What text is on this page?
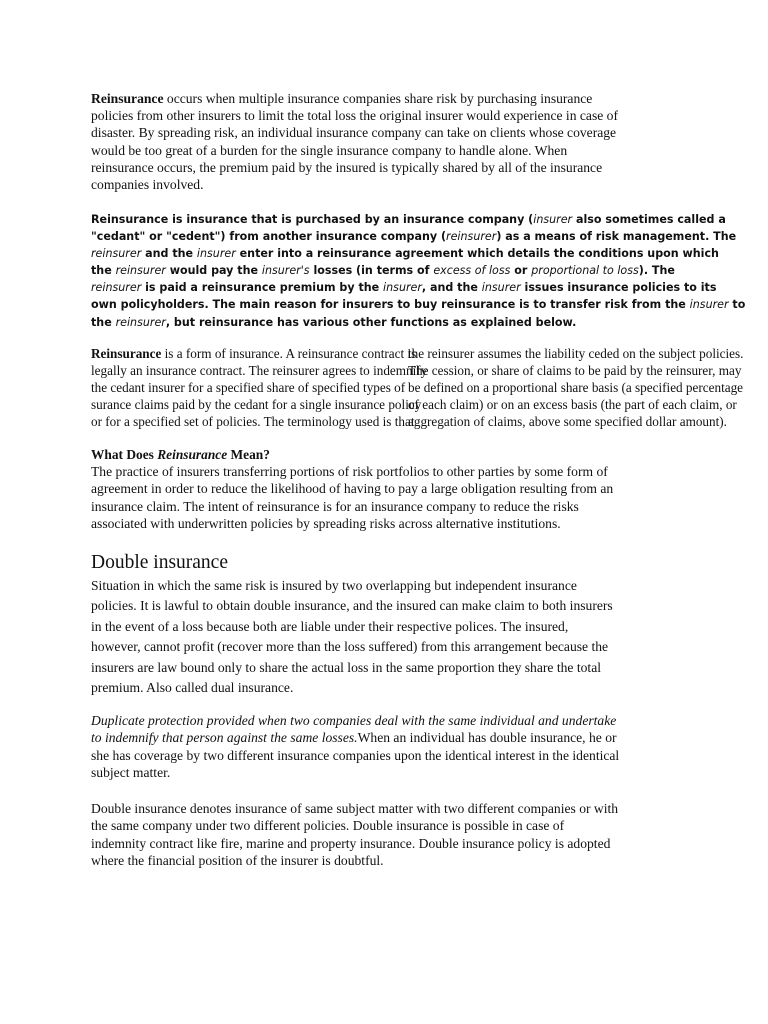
Reinsurance occurs when multiple insurance companies share risk by purchasing insurance
policies from other insurers to limit the total loss the original insurer would experience in case of
disaster. By spreading risk, an individual insurance company can take on clients whose coverage
would be too great of a burden for the single insurance company to handle alone. When
reinsurance occurs, the premium paid by the insured is typically shared by all of the insurance
companies involved.
Reinsurance is insurance that is purchased by an insurance company (insurer also sometimes called a
"cedant" or "cedent") from another insurance company (reinsurer) as a means of risk management. The
reinsurer and the insurer enter into a reinsurance agreement which details the conditions upon which
the reinsurer would pay the insurer's losses (in terms of excess of loss or proportional to loss). The
reinsurer is paid a reinsurance premium by the insurer, and the insurer issues insurance policies to its
own policyholders. The main reason for insurers to buy reinsurance is to transfer risk from the insurer to
the reinsurer, but reinsurance has various other functions as explained below.
Reinsurance is a form of insurance. A reinsurance contract is
legally an insurance contract. The reinsurer agrees to indemnify
the cedant insurer for a specified share of specified types of
surance claims paid by the cedant for a single insurance policy
or for a specified set of policies. The terminology used is that
the reinsurer assumes the liability ceded on the subject policies.
The cession, or share of claims to be paid by the reinsurer, may
be defined on a proportional share basis (a specified percentage
of each claim) or on an excess basis (the part of each claim, or
aggregation of claims, above some specified dollar amount).
What Does Reinsurance Mean?
The practice of insurers transferring portions of risk portfolios to other parties by some form of
agreement in order to reduce the likelihood of having to pay a large obligation resulting from an
insurance claim. The intent of reinsurance is for an insurance company to reduce the risks
associated with underwritten policies by spreading risks across alternative institutions.
Double insurance
Situation in which the same risk is insured by two overlapping but independent insurance
policies. It is lawful to obtain double insurance, and the insured can make claim to both insurers
in the event of a loss because both are liable under their respective polices. The insured,
however, cannot profit (recover more than the loss suffered) from this arrangement because the
insurers are law bound only to share the actual loss in the same proportion they share the total
premium. Also called dual insurance.
Duplicate protection provided when two companies deal with the same individual and undertake
to indemnify that person against the same losses.When an individual has double insurance, he or
she has coverage by two different insurance companies upon the identical interest in the identical
subject matter.
Double insurance denotes insurance of same subject matter with two different companies or with
the same company under two different policies. Double insurance is possible in case of
indemnity contract like fire, marine and property insurance. Double insurance policy is adopted
where the financial position of the insurer is doubtful.
